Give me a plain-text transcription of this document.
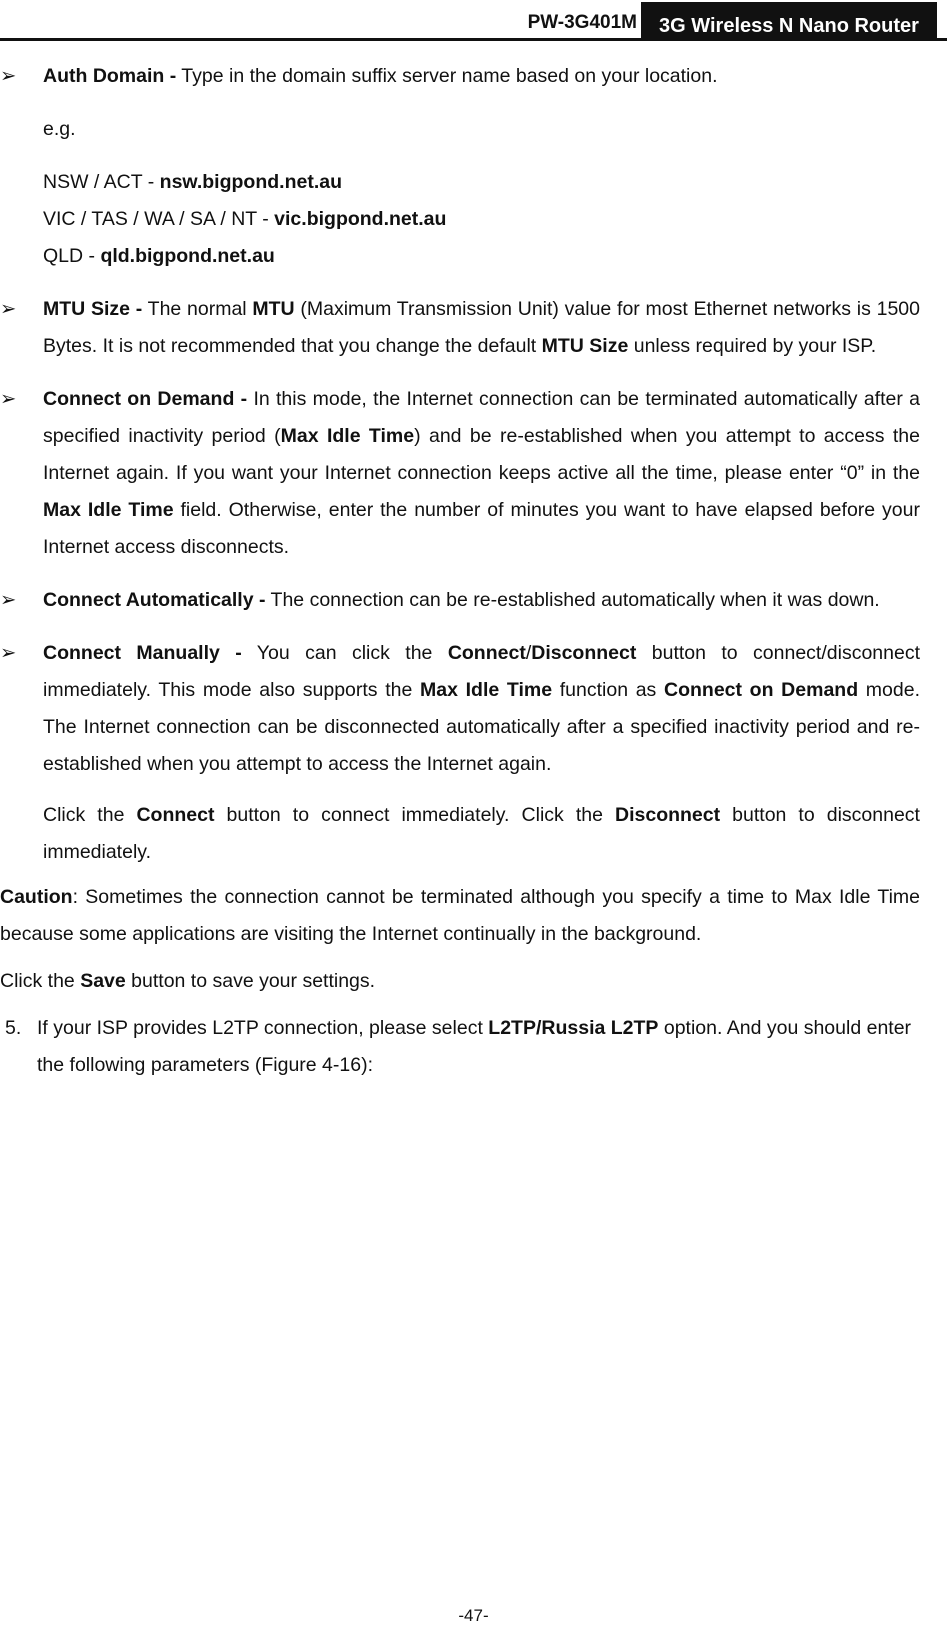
PW-3G401M	3G Wireless N Nano Router
➢	Auth Domain - Type in the domain suffix server name based on your location.
e.g.
NSW / ACT - nsw.bigpond.net.au
VIC / TAS / WA / SA / NT - vic.bigpond.net.au
QLD - qld.bigpond.net.au
➢	MTU Size - The normal MTU (Maximum Transmission Unit) value for most Ethernet networks is 1500 Bytes. It is not recommended that you change the default MTU Size unless required by your ISP.
➢	Connect on Demand - In this mode, the Internet connection can be terminated automatically after a specified inactivity period (Max Idle Time) and be re-established when you attempt to access the Internet again. If you want your Internet connection keeps active all the time, please enter “0” in the Max Idle Time field. Otherwise, enter the number of minutes you want to have elapsed before your Internet access disconnects.
➢	Connect Automatically - The connection can be re-established automatically when it was down.
➢	Connect Manually - You can click the Connect/Disconnect button to connect/disconnect immediately. This mode also supports the Max Idle Time function as Connect on Demand mode. The Internet connection can be disconnected automatically after a specified inactivity period and re-established when you attempt to access the Internet again.
Click the Connect button to connect immediately. Click the Disconnect button to disconnect immediately.
Caution: Sometimes the connection cannot be terminated although you specify a time to Max Idle Time because some applications are visiting the Internet continually in the background.
Click the Save button to save your settings.
5. If your ISP provides L2TP connection, please select L2TP/Russia L2TP option. And you should enter the following parameters (Figure 4-16):
-47-
